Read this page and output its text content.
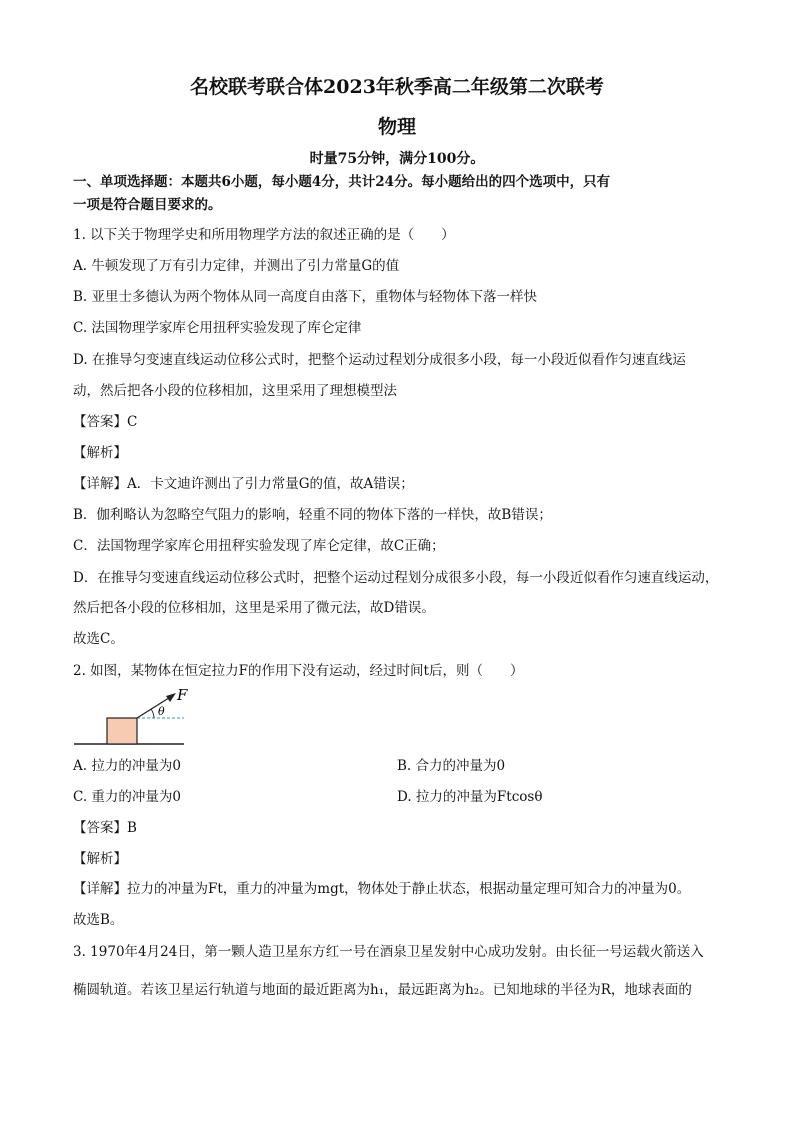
名校联考联合体2023年秋季高二年级第二次联考
物理
时量75分钟，满分100分。
一、单项选择题：本题共6小题，每小题4分，共计24分。每小题给出的四个选项中，只有
一项是符合题目要求的。
1. 以下关于物理学史和所用物理学方法的叙述正确的是（　　）
A. 牛顿发现了万有引力定律，并测出了引力常量G的值
B. 亚里士多德认为两个物体从同一高度自由落下，重物体与轻物体下落一样快
C. 法国物理学家库仑用扭秤实验发现了库仑定律
D. 在推导匀变速直线运动位移公式时，把整个运动过程划分成很多小段，每一小段近似看作匀速直线运
动，然后把各小段的位移相加，这里采用了理想模型法
【答案】C
【解析】
【详解】A．卡文迪许测出了引力常量G的值，故A错误；
B．伽利略认为忽略空气阻力的影响，轻重不同的物体下落的一样快，故B错误；
C．法国物理学家库仑用扭秤实验发现了库仑定律，故C正确；
D．在推导匀变速直线运动位移公式时，把整个运动过程划分成很多小段，每一小段近似看作匀速直线运动，
然后把各小段的位移相加，这里是采用了微元法，故D错误。
故选C。
2. 如图，某物体在恒定拉力F的作用下没有运动，经过时间t后，则（　　）
F
θ
A. 拉力的冲量为0	B. 合力的冲量为0
C. 重力的冲量为0	D. 拉力的冲量为Ftcosθ
【答案】B
【解析】
【详解】拉力的冲量为Ft，重力的冲量为mgt，物体处于静止状态，根据动量定理可知合力的冲量为0。
故选B。
3. 1970年4月24日，第一颗人造卫星东方红一号在酒泉卫星发射中心成功发射。由长征一号运载火箭送入
椭圆轨道。若该卫星运行轨道与地面的最近距离为h₁，最远距离为h₂。已知地球的半径为R，地球表面的
